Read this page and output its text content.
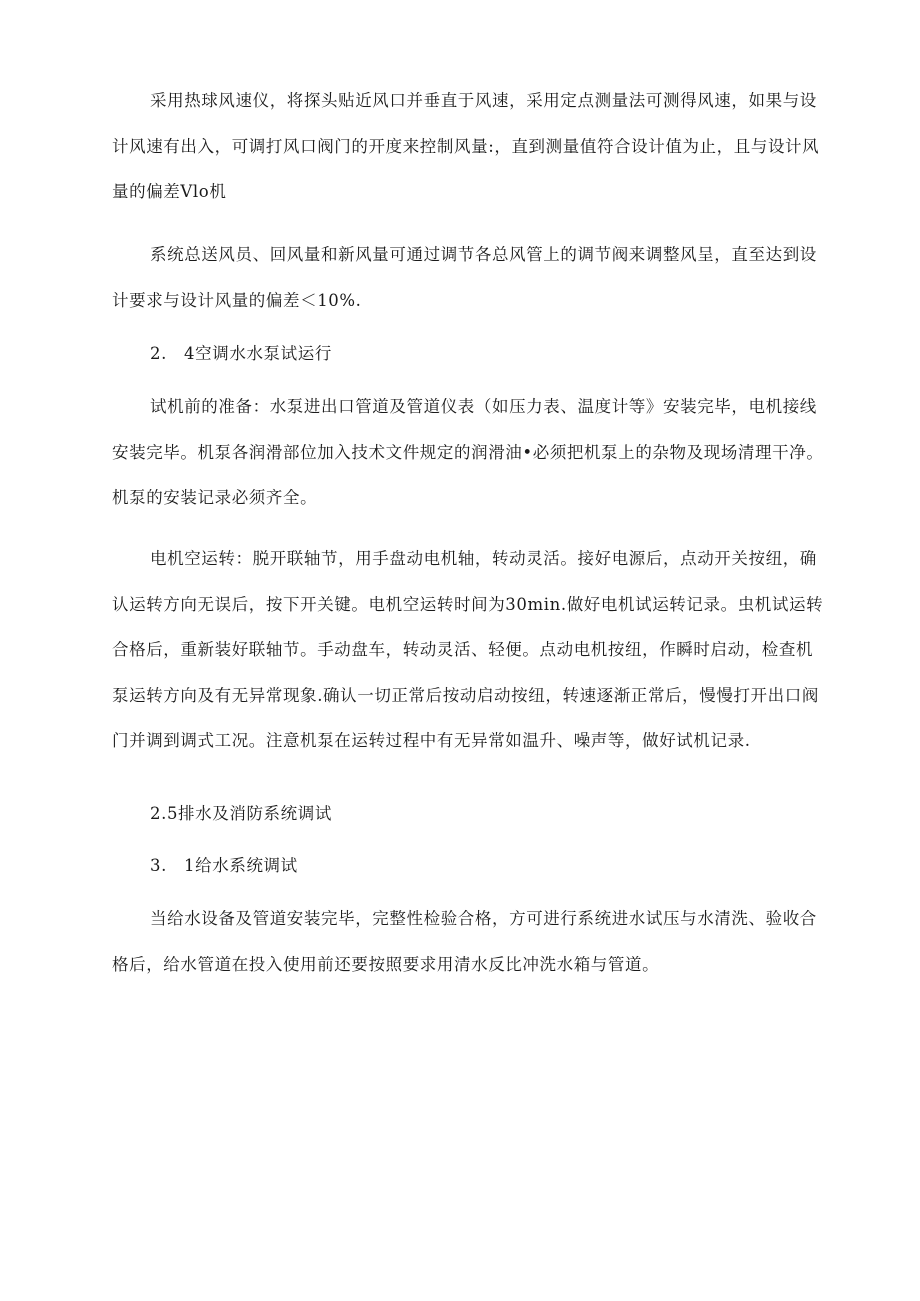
采用热球风速仪，将探头贴近风口并垂直于风速，采用定点测量法可测得风速，如果与设计风速有出入，可调打风口阀门的开度来控制风量:，直到测量值符合设计值为止，且与设计风量的偏差Vlo机

系统总送风员、回风量和新风量可通过调节各总风管上的调节阀来调整风呈，直至达到设计要求与设计风量的偏差＜10%.

2.　4空调水水泵试运行

试机前的准备：水泵进出口管道及管道仪表（如压力表、温度计等》安装完毕，电机接线安装完毕。机泵各润滑部位加入技术文件规定的润滑油•必须把机泵上的杂物及现场清理干净。机泵的安装记录必须齐全。

电机空运转：脱开联轴节，用手盘动电机轴，转动灵活。接好电源后，点动开关按纽，确认运转方向无误后，按下开关键。电机空运转时间为30min.做好电机试运转记录。虫机试运转合格后，重新装好联轴节。手动盘车，转动灵活、轻便。点动电机按纽，作瞬时启动，检查机泵运转方向及有无异常现象.确认一切正常后按动启动按纽，转速逐渐正常后，慢慢打开出口阀门并调到调式工况。注意机泵在运转过程中有无异常如温升、噪声等，做好试机记录.

2.5排水及消防系统调试

3.　1给水系统调试

当给水设备及管道安装完毕，完整性检验合格，方可进行系统进水试压与水清洗、验收合格后，给水管道在投入使用前还要按照要求用清水反比冲洗水箱与管道。
